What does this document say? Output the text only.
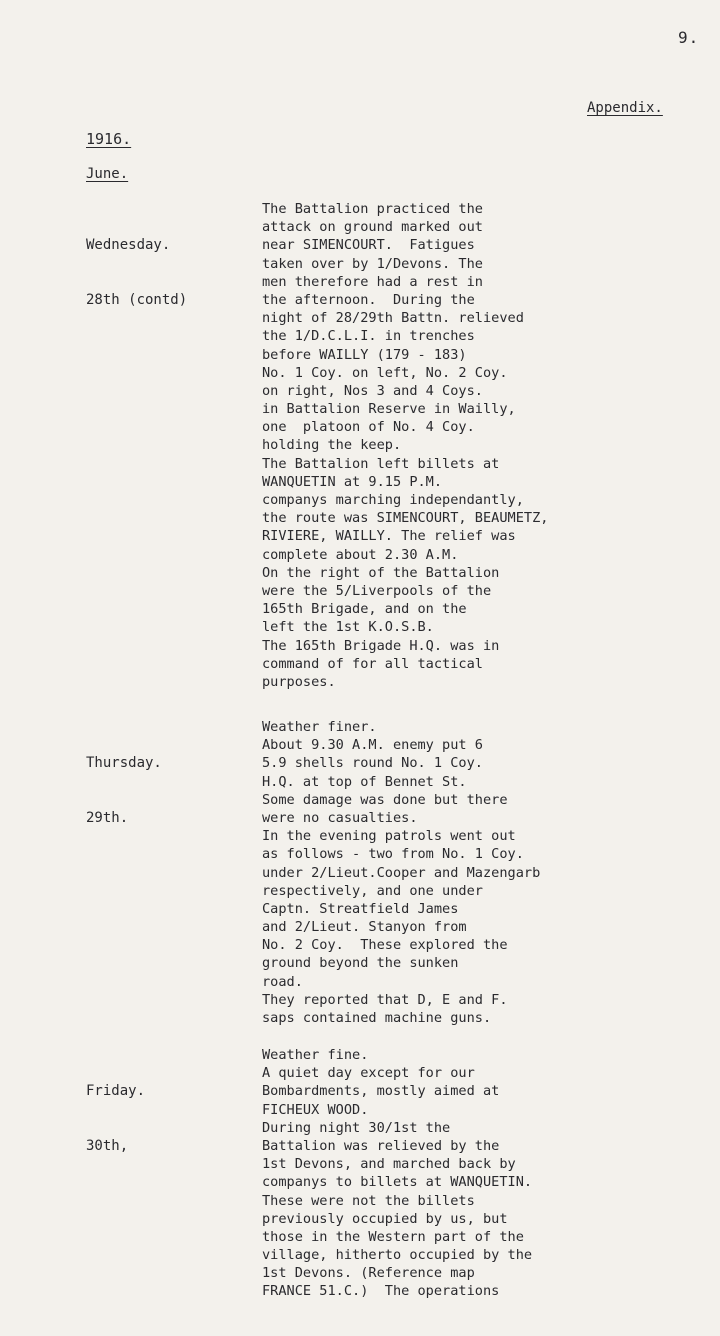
9.
Appendix.
1916.
June.

Wednesday.

28th (contd)

The Battalion practiced the
attack on ground marked out
near SIMENCOURT.  Fatigues
taken over by 1/Devons. The
men therefore had a rest in
the afternoon.  During the
night of 28/29th Battn. relieved
the 1/D.C.L.I. in trenches
before WAILLY (179 - 183)
No. 1 Coy. on left, No. 2 Coy.
on right, Nos 3 and 4 Coys.
in Battalion Reserve in Wailly,
one  platoon of No. 4 Coy.
holding the keep.
The Battalion left billets at
WANQUETIN at 9.15 P.M.
companys marching independantly,
the route was SIMENCOURT, BEAUMETZ,
RIVIERE, WAILLY. The relief was
complete about 2.30 A.M.
On the right of the Battalion
were the 5/Liverpools of the
165th Brigade, and on the
left the 1st K.O.S.B.
The 165th Brigade H.Q. was in
command of for all tactical
purposes.

Thursday.

29th.

Weather finer.
About 9.30 A.M. enemy put 6
5.9 shells round No. 1 Coy.
H.Q. at top of Bennet St.
Some damage was done but there
were no casualties.
In the evening patrols went out
as follows - two from No. 1 Coy.
under 2/Lieut.Cooper and Mazengarb
respectively, and one under
Captn. Streatfield James
and 2/Lieut. Stanyon from
No. 2 Coy.  These explored the
ground beyond the sunken
road.
They reported that D, E and F.
saps contained machine guns.

Friday.

30th,

Weather fine.
A quiet day except for our
Bombardments, mostly aimed at
FICHEUX WOOD.
During night 30/1st the
Battalion was relieved by the
1st Devons, and marched back by
companys to billets at WANQUETIN.
These were not the billets
previously occupied by us, but
those in the Western part of the
village, hitherto occupied by the
1st Devons. (Reference map
FRANCE 51.C.)  The operations
